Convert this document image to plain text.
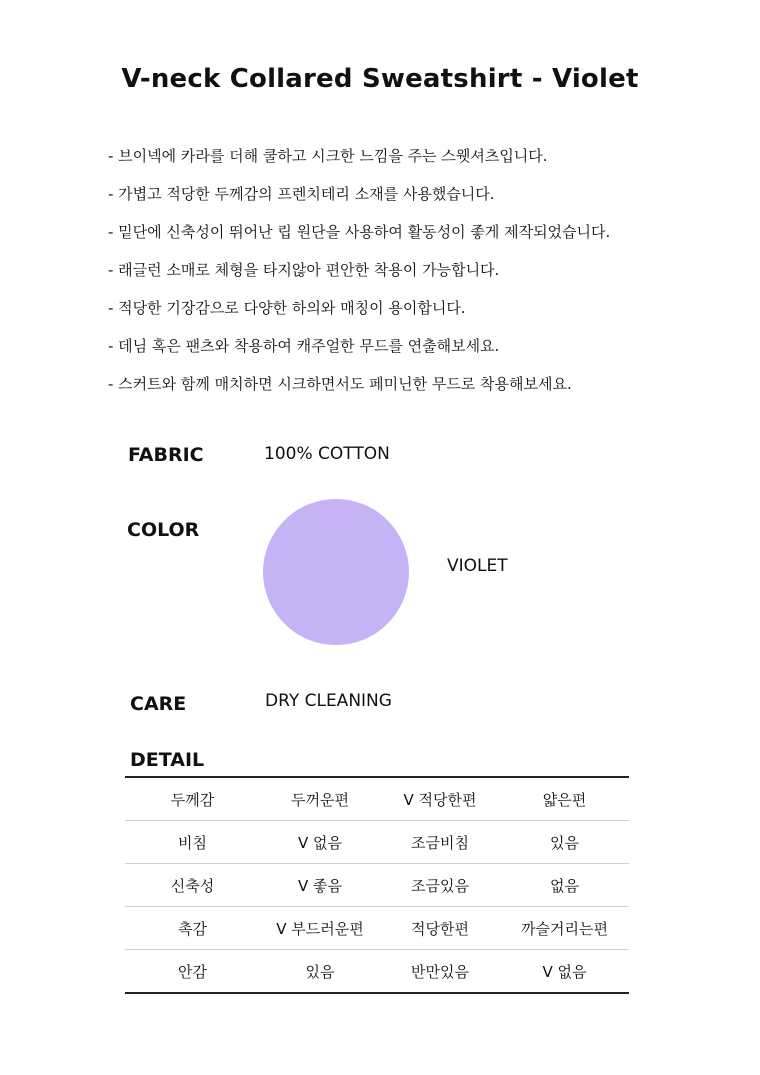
V-neck Collared Sweatshirt - Violet
- 브이넥에 카라를 더해 쿨하고 시크한 느낌을 주는 스웻셔츠입니다.
- 가볍고 적당한 두께감의 프렌치테리 소재를 사용했습니다.
- 밑단에 신축성이 뛰어난 립 원단을 사용하여 활동성이 좋게 제작되었습니다.
- 래글런 소매로 체형을 타지않아 편안한 착용이 가능합니다.
- 적당한 기장감으로 다양한 하의와 매칭이 용이합니다.
- 데님 혹은 팬츠와 착용하여 캐주얼한 무드를 연출해보세요.
- 스커트와 함께 매치하면 시크하면서도 페미닌한 무드로 착용해보세요.
FABRIC	100% COTTON
COLOR
VIOLET
CARE	DRY CLEANING
DETAIL
두께감	두꺼운편	V 적당한편	얇은편
비침	V 없음	조금비침	있음
신축성	V 좋음	조금있음	없음
촉감	V 부드러운편	적당한편	까슬거리는편
안감	있음	반만있음	V 없음
